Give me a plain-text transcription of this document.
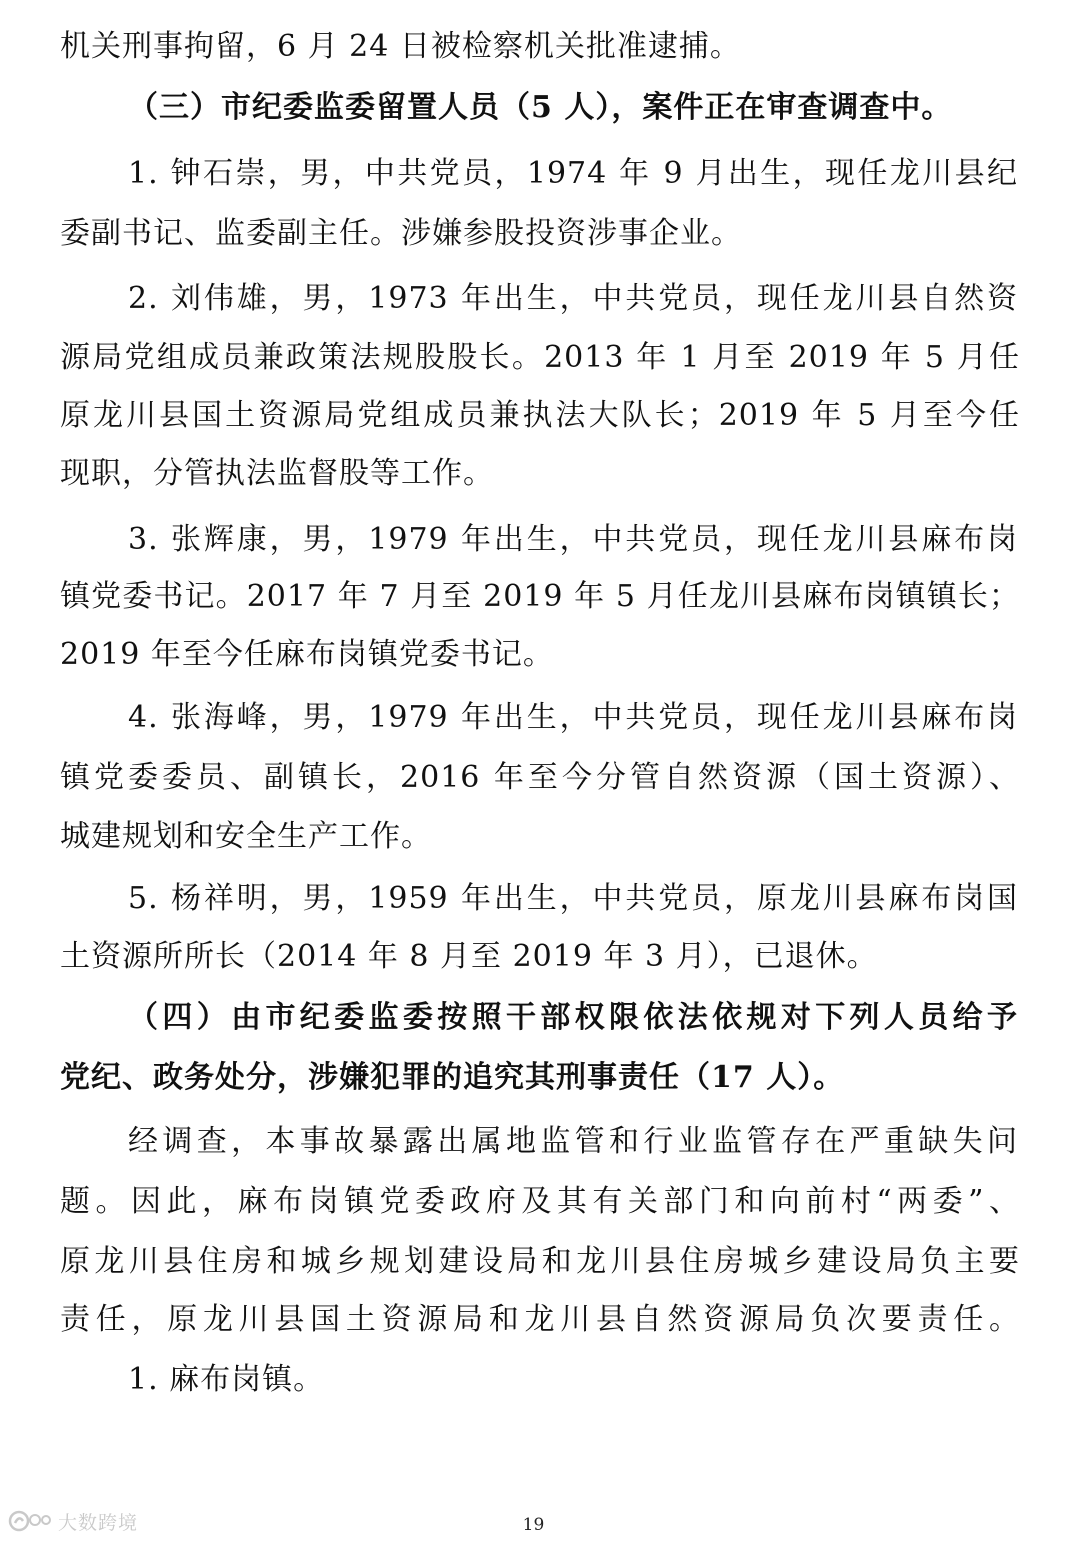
机关刑事拘留，6 月 24 日被检察机关批准逮捕。
（三）市纪委监委留置人员（5 人），案件正在审查调查中。
1. 钟石崇，男，中共党员，1974 年 9 月出生，现任龙川县纪
委副书记、监委副主任。涉嫌参股投资涉事企业。
2. 刘伟雄，男，1973 年出生，中共党员，现任龙川县自然资
源局党组成员兼政策法规股股长。2013 年 1 月至 2019 年 5 月任
原龙川县国土资源局党组成员兼执法大队长；2019 年 5 月至今任
现职，分管执法监督股等工作。
3. 张辉康，男，1979 年出生，中共党员，现任龙川县麻布岗
镇党委书记。2017 年 7 月至 2019 年 5 月任龙川县麻布岗镇镇长；
2019 年至今任麻布岗镇党委书记。
4. 张海峰，男，1979 年出生，中共党员，现任龙川县麻布岗
镇党委委员、副镇长，2016 年至今分管自然资源（国土资源）、
城建规划和安全生产工作。
5. 杨祥明，男，1959 年出生，中共党员，原龙川县麻布岗国
土资源所所长（2014 年 8 月至 2019 年 3 月），已退休。
（四）由市纪委监委按照干部权限依法依规对下列人员给予
党纪、政务处分，涉嫌犯罪的追究其刑事责任（17 人）。
经调查，本事故暴露出属地监管和行业监管存在严重缺失问
题。因此，麻布岗镇党委政府及其有关部门和向前村“两委”、
原龙川县住房和城乡规划建设局和龙川县住房城乡建设局负主要
责任，原龙川县国土资源局和龙川县自然资源局负次要责任。
1. 麻布岗镇。
大数跨境	19
